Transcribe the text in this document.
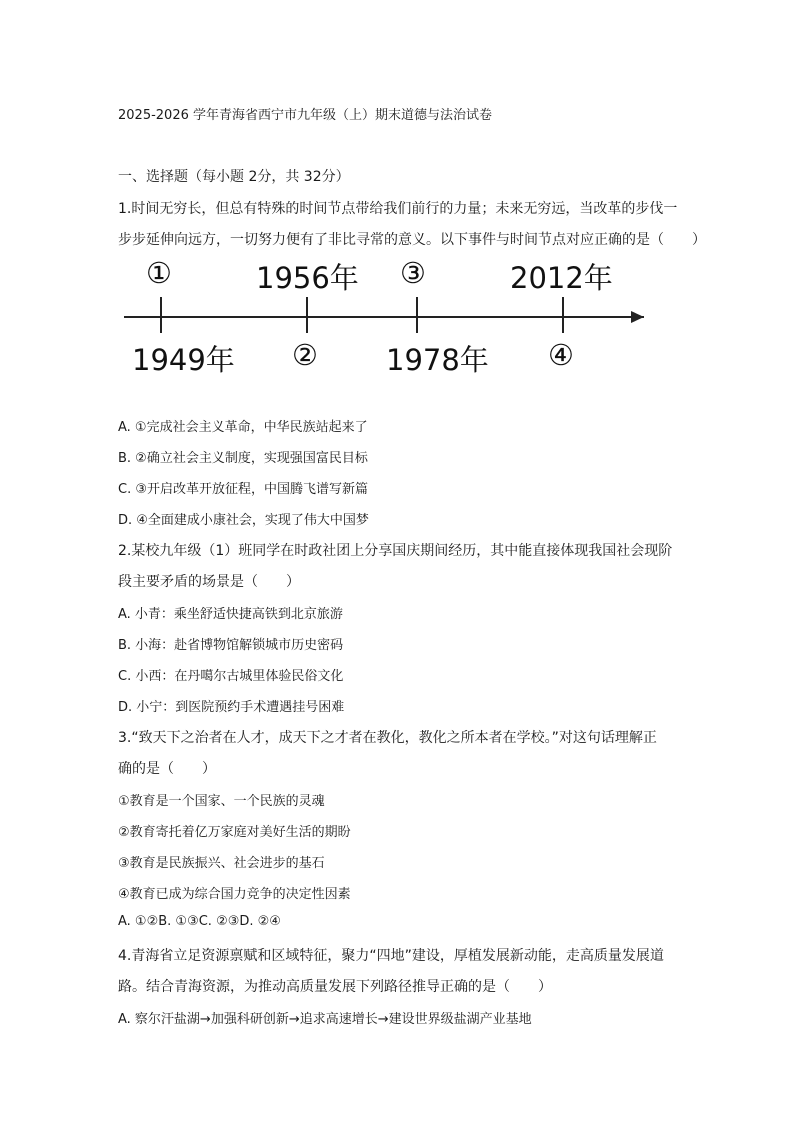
2025-2026 学年青海省西宁市九年级（上）期末道德与法治试卷
一、选择题（每小题 2分，共 32分）
1.时间无穷长，但总有特殊的时间节点带给我们前行的力量；未来无穷远，当改革的步伐一
步步延伸向远方，一切努力便有了非比寻常的意义。以下事件与时间节点对应正确的是（　　）
①	1956年 ③	2012年
1949年 ② 1978年 ④
A. ①完成社会主义革命，中华民族站起来了
B. ②确立社会主义制度，实现强国富民目标
C. ③开启改革开放征程，中国腾飞谱写新篇
D. ④全面建成小康社会，实现了伟大中国梦
2.某校九年级（1）班同学在时政社团上分享国庆期间经历，其中能直接体现我国社会现阶
段主要矛盾的场景是（　　）
A. 小青：乘坐舒适快捷高铁到北京旅游
B. 小海：赴省博物馆解锁城市历史密码
C. 小西：在丹噶尔古城里体验民俗文化
D. 小宁：到医院预约手术遭遇挂号困难
3.“致天下之治者在人才，成天下之才者在教化，教化之所本者在学校。”对这句话理解正
确的是（　　）
①教育是一个国家、一个民族的灵魂
②教育寄托着亿万家庭对美好生活的期盼
③教育是民族振兴、社会进步的基石
④教育已成为综合国力竞争的决定性因素
A. ①②B. ①③C. ②③D. ②④
4.青海省立足资源禀赋和区域特征，聚力“四地”建设，厚植发展新动能，走高质量发展道
路。结合青海资源，为推动高质量发展下列路径推导正确的是（　　）
A. 察尔汗盐湖→加强科研创新→追求高速增长→建设世界级盐湖产业基地
